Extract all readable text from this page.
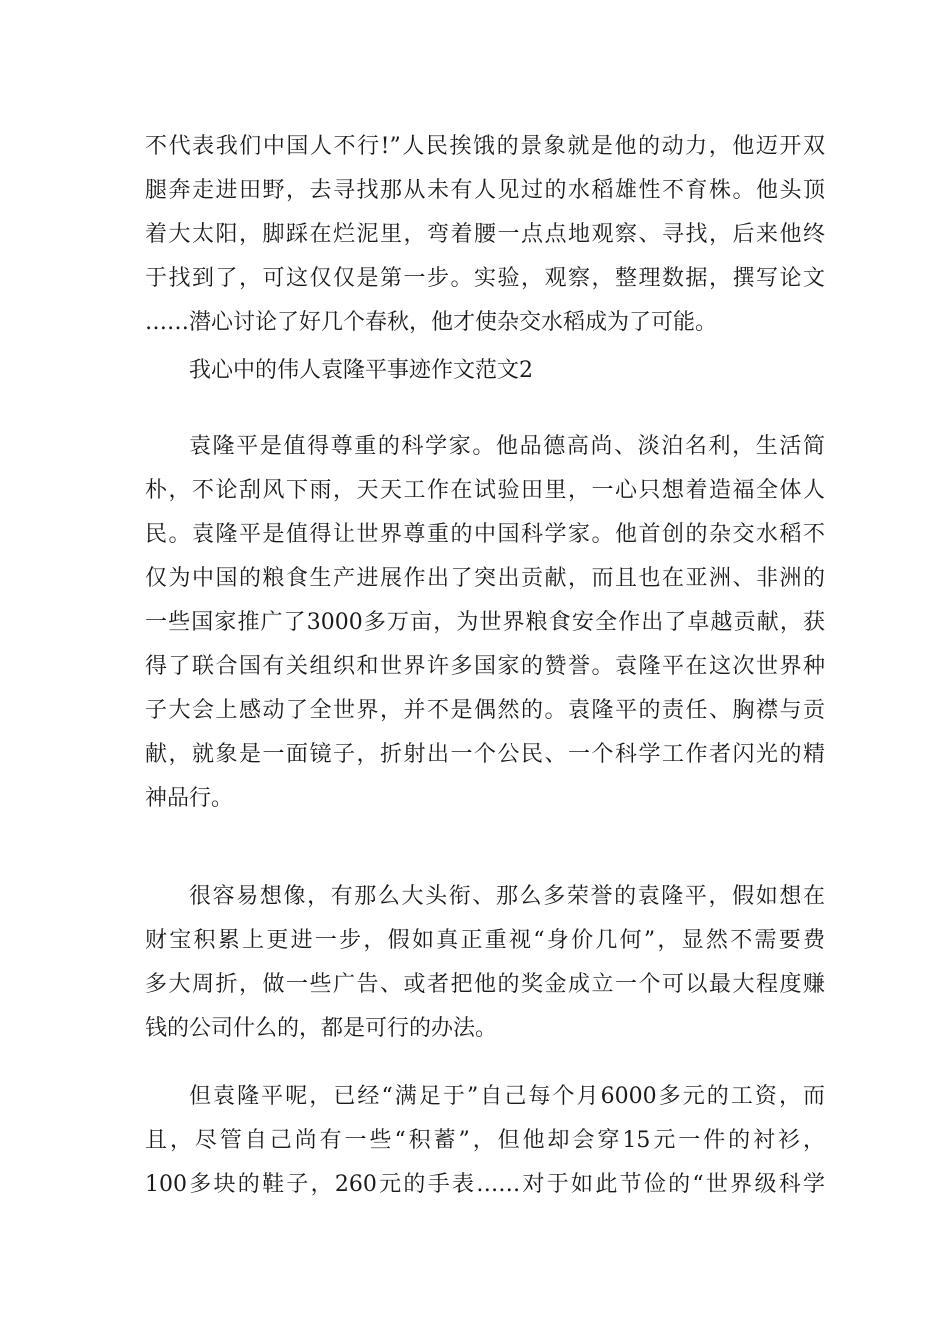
不代表我们中国人不行!”人民挨饿的景象就是他的动力，他迈开双
腿奔走进田野，去寻找那从未有人见过的水稻雄性不育株。他头顶
着大太阳，脚踩在烂泥里，弯着腰一点点地观察、寻找，后来他终
于找到了，可这仅仅是第一步。实验，观察，整理数据，撰写论文
……潜心讨论了好几个春秋，他才使杂交水稻成为了可能。
我心中的伟人袁隆平事迹作文范文2
袁隆平是值得尊重的科学家。他品德高尚、淡泊名利，生活简
朴，不论刮风下雨，天天工作在试验田里，一心只想着造福全体人
民。袁隆平是值得让世界尊重的中国科学家。他首创的杂交水稻不
仅为中国的粮食生产进展作出了突出贡献，而且也在亚洲、非洲的
一些国家推广了3000多万亩，为世界粮食安全作出了卓越贡献，获
得了联合国有关组织和世界许多国家的赞誉。袁隆平在这次世界种
子大会上感动了全世界，并不是偶然的。袁隆平的责任、胸襟与贡
献，就象是一面镜子，折射出一个公民、一个科学工作者闪光的精
神品行。
很容易想像，有那么大头衔、那么多荣誉的袁隆平，假如想在
财宝积累上更进一步，假如真正重视“身价几何”，显然不需要费
多大周折，做一些广告、或者把他的奖金成立一个可以最大程度赚
钱的公司什么的，都是可行的办法。
但袁隆平呢，已经“满足于”自己每个月6000多元的工资，而
且，尽管自己尚有一些“积蓄”，但他却会穿15元一件的衬衫，
100多块的鞋子，260元的手表……对于如此节俭的“世界级科学
